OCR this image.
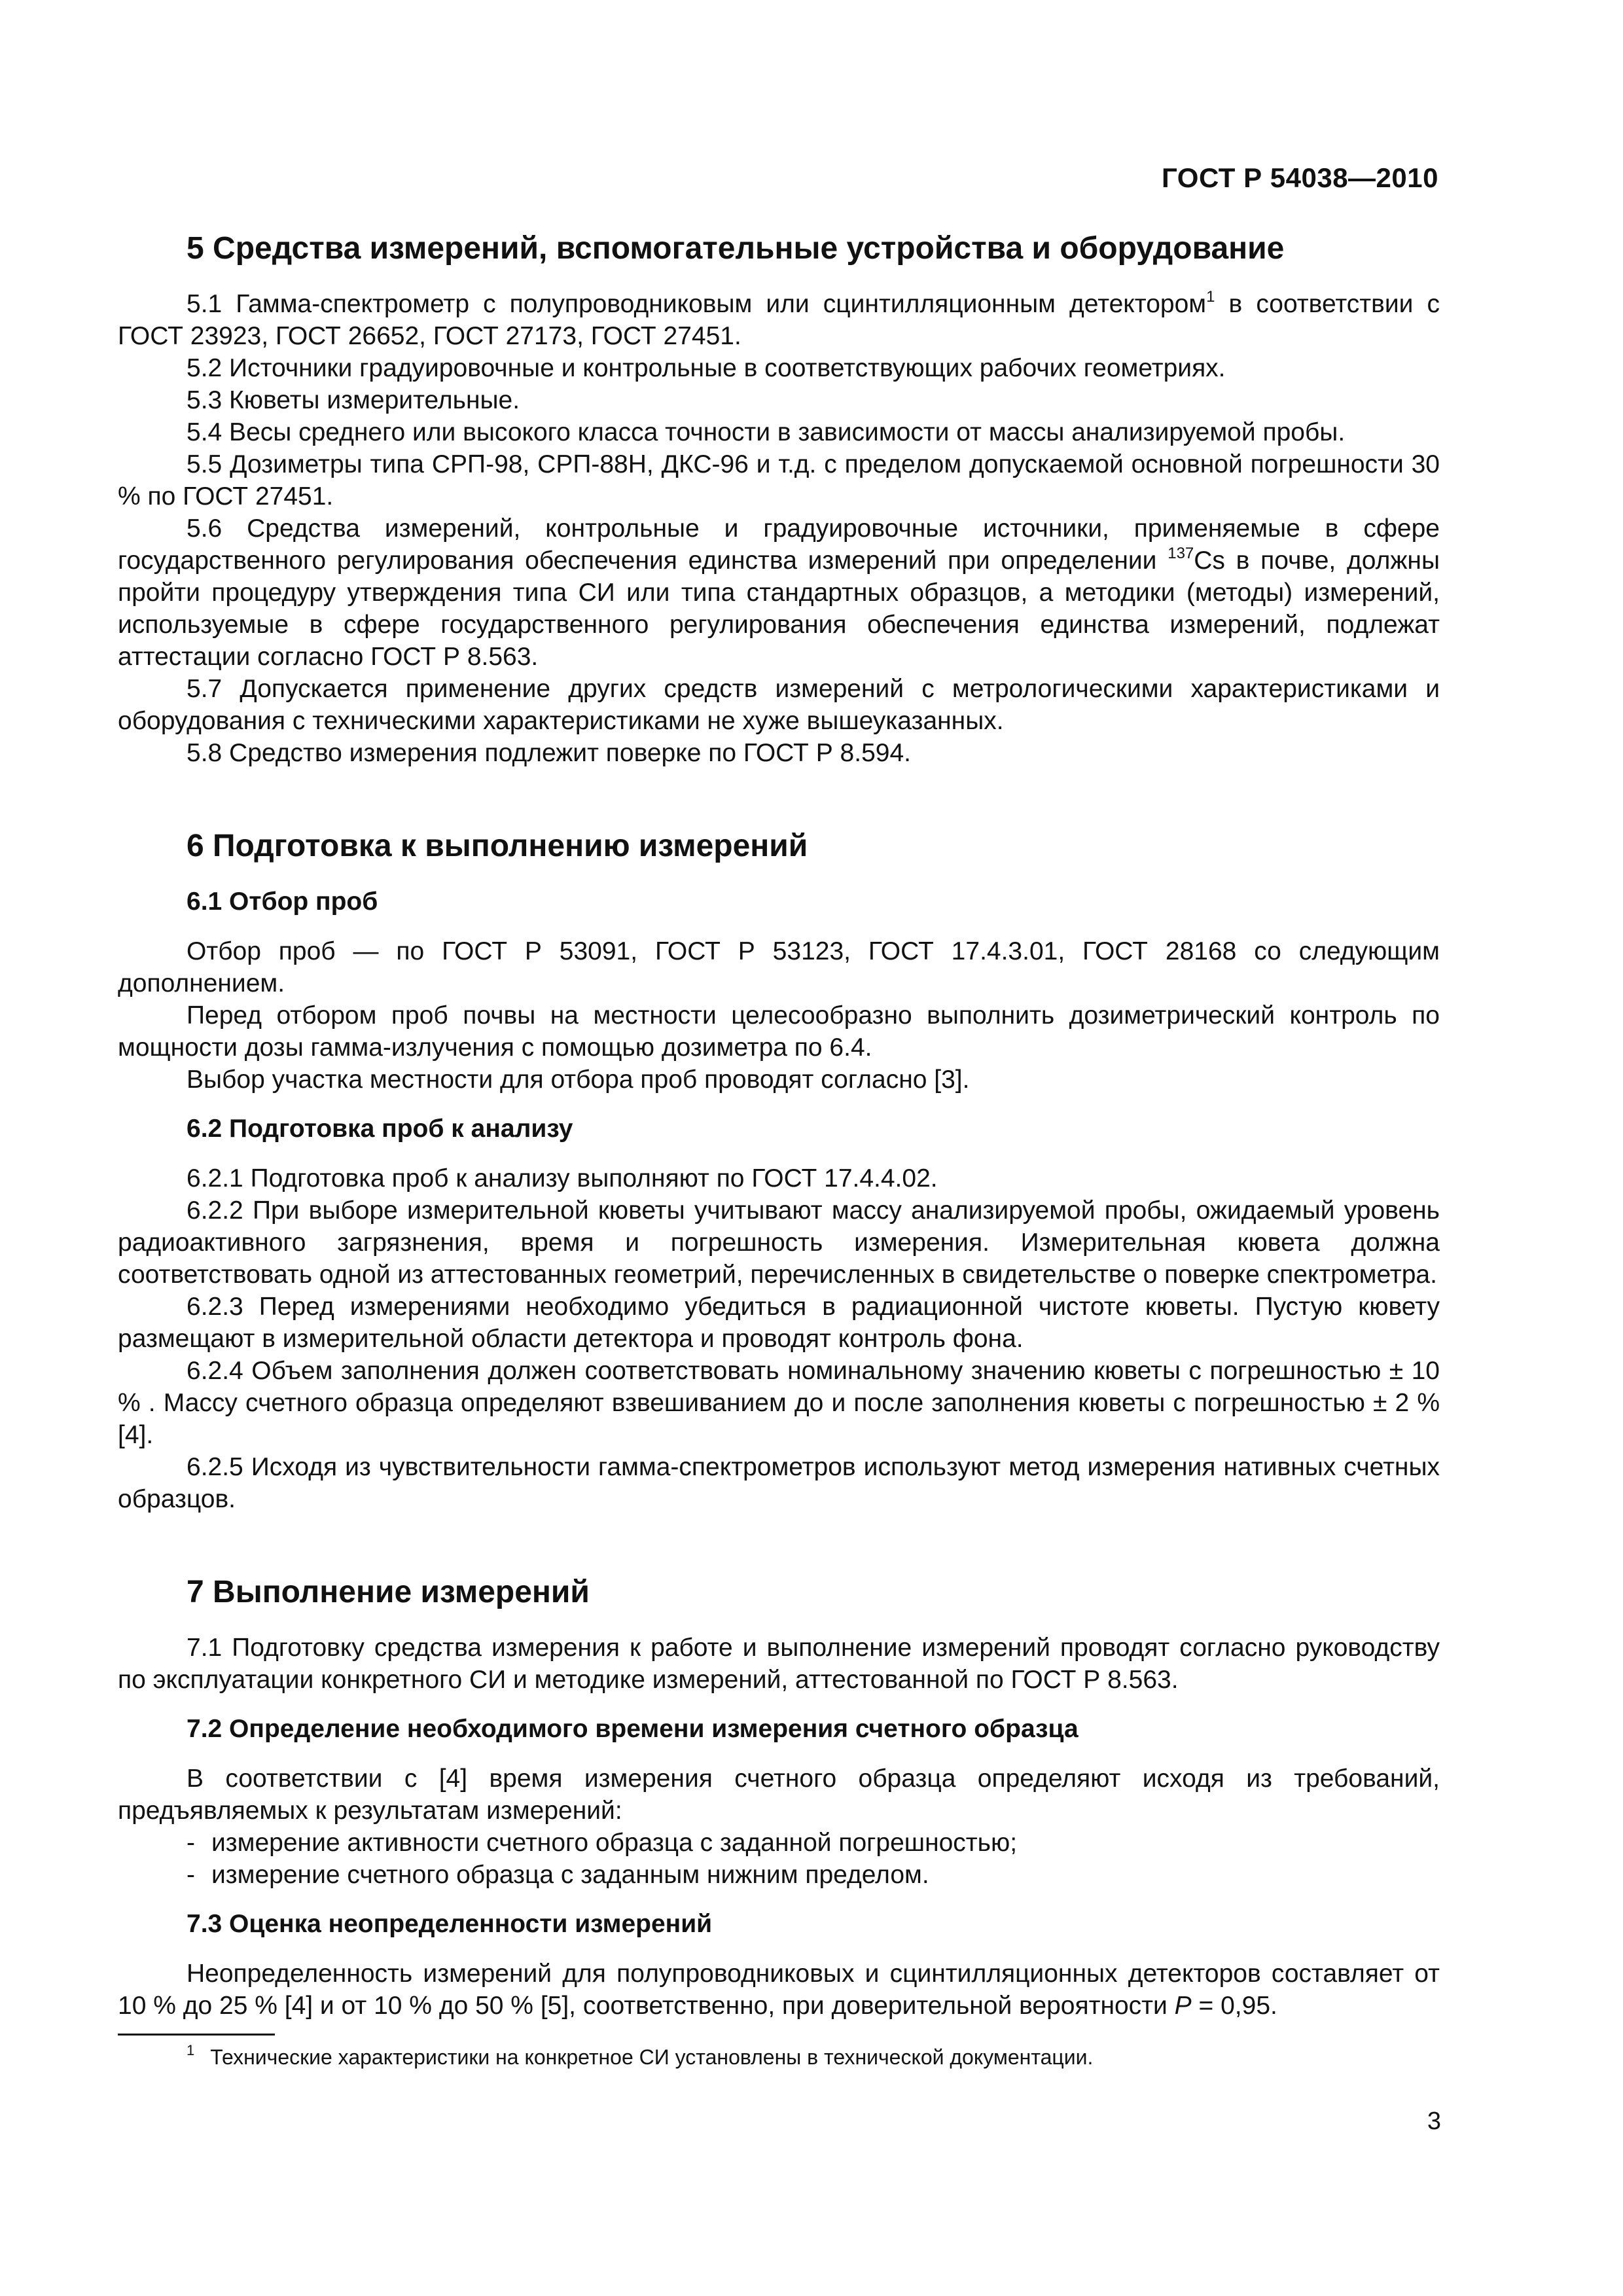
ГОСТ Р 54038—2010
5 Средства измерений, вспомогательные устройства и оборудование

5.1 Гамма-спектрометр с полупроводниковым или сцинтилляционным детектором$^1$ в соответствии с ГОСТ 23923, ГОСТ 26652, ГОСТ 27173, ГОСТ 27451.

5.2 Источники градуировочные и контрольные в соответствующих рабочих геометриях.

5.3 Кюветы измерительные.

5.4 Весы среднего или высокого класса точности в зависимости от массы анализируемой пробы.

5.5 Дозиметры типа СРП-98, СРП-88Н, ДКС-96 и т.д. с пределом допускаемой основной погрешности 30 % по ГОСТ 27451.

5.6 Средства измерений, контрольные и градуировочные источники, применяемые в сфере государственного регулирования обеспечения единства измерений при определении $^{137}$Cs в почве, должны пройти процедуру утверждения типа СИ или типа стандартных образцов, а методики (методы) измерений, используемые в сфере государственного регулирования обеспечения единства измерений, подлежат аттестации согласно ГОСТ Р 8.563.

5.7 Допускается применение других средств измерений с метрологическими характеристиками и оборудования с техническими характеристиками не хуже вышеуказанных.

5.8 Средство измерения подлежит поверке по ГОСТ Р 8.594.

6 Подготовка к выполнению измерений
6.1 Отбор проб

Отбор проб — по ГОСТ Р 53091, ГОСТ Р 53123, ГОСТ 17.4.3.01, ГОСТ 28168 со следующим дополнением.

Перед отбором проб почвы на местности целесообразно выполнить дозиметрический контроль по мощности дозы гамма-излучения с помощью дозиметра по 6.4.

Выбор участка местности для отбора проб проводят согласно [3].

6.2 Подготовка проб к анализу

6.2.1 Подготовка проб к анализу выполняют по ГОСТ 17.4.4.02.

6.2.2 При выборе измерительной кюветы учитывают массу анализируемой пробы, ожидаемый уровень радиоактивного загрязнения, время и погрешность измерения. Измерительная кювета должна соответствовать одной из аттестованных геометрий, перечисленных в свидетельстве о поверке спектрометра.

6.2.3 Перед измерениями необходимо убедиться в радиационной чистоте кюветы. Пустую кювету размещают в измерительной области детектора и проводят контроль фона.

6.2.4 Объем заполнения должен соответствовать номинальному значению кюветы с погрешностью ± 10 % . Массу счетного образца определяют взвешиванием до и после заполнения кюветы с погрешностью ± 2 % [4].

6.2.5 Исходя из чувствительности гамма-спектрометров используют метод измерения нативных счетных образцов.

7 Выполнение измерений

7.1 Подготовку средства измерения к работе и выполнение измерений проводят согласно руководству по эксплуатации конкретного СИ и методике измерений, аттестованной по ГОСТ Р 8.563.

7.2 Определение необходимого времени измерения счетного образца

В соответствии с [4] время измерения счетного образца определяют исходя из требований, предъявляемых к результатам измерений:

- измерение активности счетного образца с заданной погрешностью;
- измерение счетного образца с заданным нижним пределом.
7.3 Оценка неопределенности измерений

Неопределенность измерений для полупроводниковых и сцинтилляционных детекторов составляет от 10 % до 25 % [4] и от 10 % до 50 % [5], соответственно, при доверительной вероятности P = 0,95.

$^1$ Технические характеристики на конкретное СИ установлены в технической документации.
3
